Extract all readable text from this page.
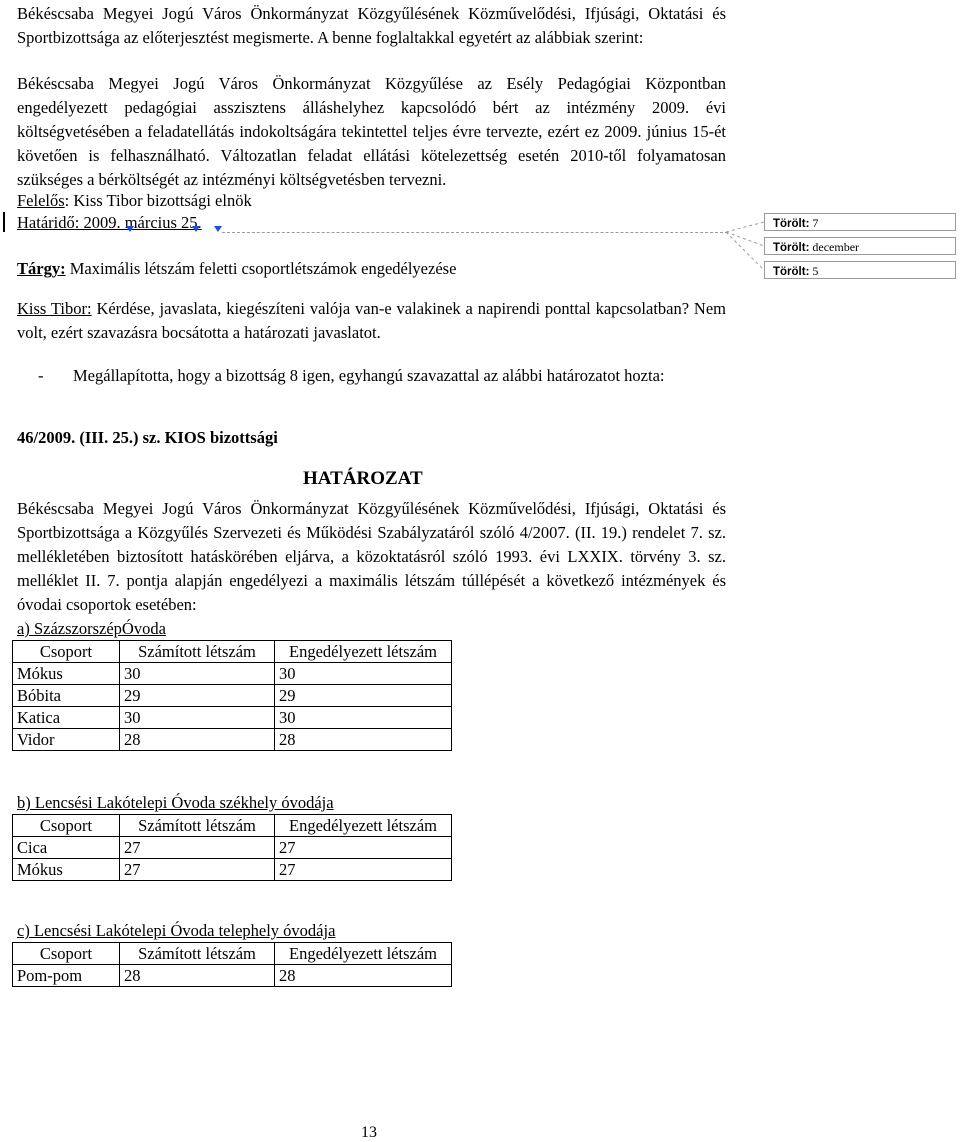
Békéscsaba Megyei Jogú Város Önkormányzat Közgyűlésének Közművelődési, Ifjúsági, Oktatási és Sportbizottsága az előterjesztést megismerte. A benne foglaltakkal egyetért az alábbiak szerint:
Békéscsaba Megyei Jogú Város Önkormányzat Közgyűlése az Esély Pedagógiai Központban engedélyezett pedagógiai asszisztens álláshelyhez kapcsolódó bért az intézmény 2009. évi költségvetésében a feladatellátás indokoltságára tekintettel teljes évre tervezte, ezért ez 2009. június 15-ét követően is felhasználható. Változatlan feladat ellátási kötelezettség esetén 2010-től folyamatosan szükséges a bérköltségét az intézményi költségvetésben tervezni.
Felelős: Kiss Tibor bizottsági elnök
Határidő: 2009. március 25.	Törölt: 7
Törölt: december
Törölt: 5
Tárgy: Maximális létszám feletti csoportlétszámok engedélyezése
Kiss Tibor: Kérdése, javaslata, kiegészíteni valója van-e valakinek a napirendi ponttal kapcsolatban? Nem volt, ezért szavazásra bocsátotta a határozati javaslatot.
- Megállapította, hogy a bizottság 8 igen, egyhangú szavazattal az alábbi határozatot hozta:
46/2009. (III. 25.) sz. KIOS bizottsági
HATÁROZAT
Békéscsaba Megyei Jogú Város Önkormányzat Közgyűlésének Közművelődési, Ifjúsági, Oktatási és Sportbizottsága a Közgyűlés Szervezeti és Működési Szabályzatáról szóló 4/2007. (II. 19.) rendelet 7. sz. mellékletében biztosított hatáskörében eljárva, a közoktatásról szóló 1993. évi LXXIX. törvény 3. sz. melléklet II. 7. pontja alapján engedélyezi a maximális létszám túllépését a következő intézmények és óvodai csoportok esetében:
a) SzázszorszépÓvoda
Csoport	Számított létszám	Engedélyezett létszám
Mókus	30	30
Bóbita	29	29
Katica	30	30
Vidor	28	28
b) Lencsési Lakótelepi Óvoda székhely óvodája
Csoport	Számított létszám	Engedélyezett létszám
Cica	27	27
Mókus	27	27
c) Lencsési Lakótelepi Óvoda telephely óvodája
Csoport	Számított létszám	Engedélyezett létszám
Pom-pom	28	28
13
